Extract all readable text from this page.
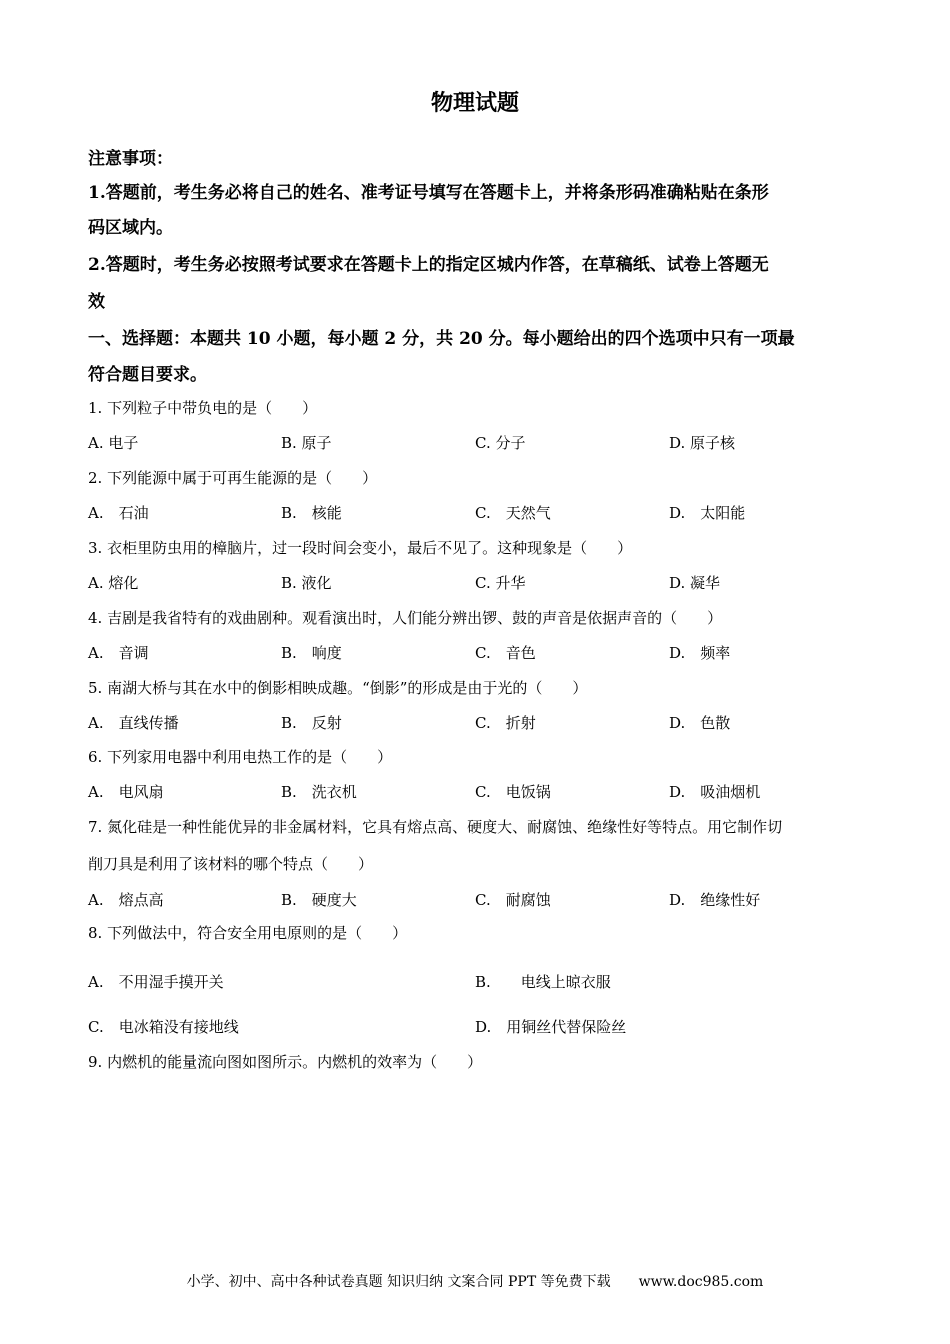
物理试题
注意事项：
1.答题前，考生务必将自己的姓名、准考证号填写在答题卡上，并将条形码准确粘贴在条形
码区域内。
2.答题时，考生务必按照考试要求在答题卡上的指定区城内作答，在草稿纸、试卷上答题无
效
一、选择题：本题共 10 小题，每小题 2 分，共 20 分。每小题给出的四个选项中只有一项最
符合题目要求。
1. 下列粒子中带负电的是（　　）
A. 电子	B. 原子	C. 分子	D. 原子核
2. 下列能源中属于可再生能源的是（　　）
A.　石油	B.　核能	C.　天然气	D.　太阳能
3. 衣柜里防虫用的樟脑片，过一段时间会变小，最后不见了。这种现象是（　　）
A. 熔化	B. 液化	C. 升华	D. 凝华
4. 吉剧是我省特有的戏曲剧种。观看演出时，人们能分辨出锣、鼓的声音是依据声音的（　　）
A.　音调	B.　响度	C.　音色	D.　频率
5. 南湖大桥与其在水中的倒影相映成趣。“倒影”的形成是由于光的（　　）
A.　直线传播	B.　反射	C.　折射	D.　色散
6. 下列家用电器中利用电热工作的是（　　）
A.　电风扇	B.　洗衣机	C.　电饭锅	D.　吸油烟机
7. 氮化硅是一种性能优异的非金属材料，它具有熔点高、硬度大、耐腐蚀、绝缘性好等特点。用它制作切
削刀具是利用了该材料的哪个特点（　　）
A.　熔点高	B.　硬度大	C.　耐腐蚀	D.　绝缘性好
8. 下列做法中，符合安全用电原则的是（　　）
A.　不用湿手摸开关	B.　　电线上晾衣服
C.　电冰箱没有接地线	D.　用铜丝代替保险丝
9. 内燃机的能量流向图如图所示。内燃机的效率为（　　）
小学、初中、高中各种试卷真题 知识归纳 文案合同 PPT 等免费下载　　www.doc985.com
